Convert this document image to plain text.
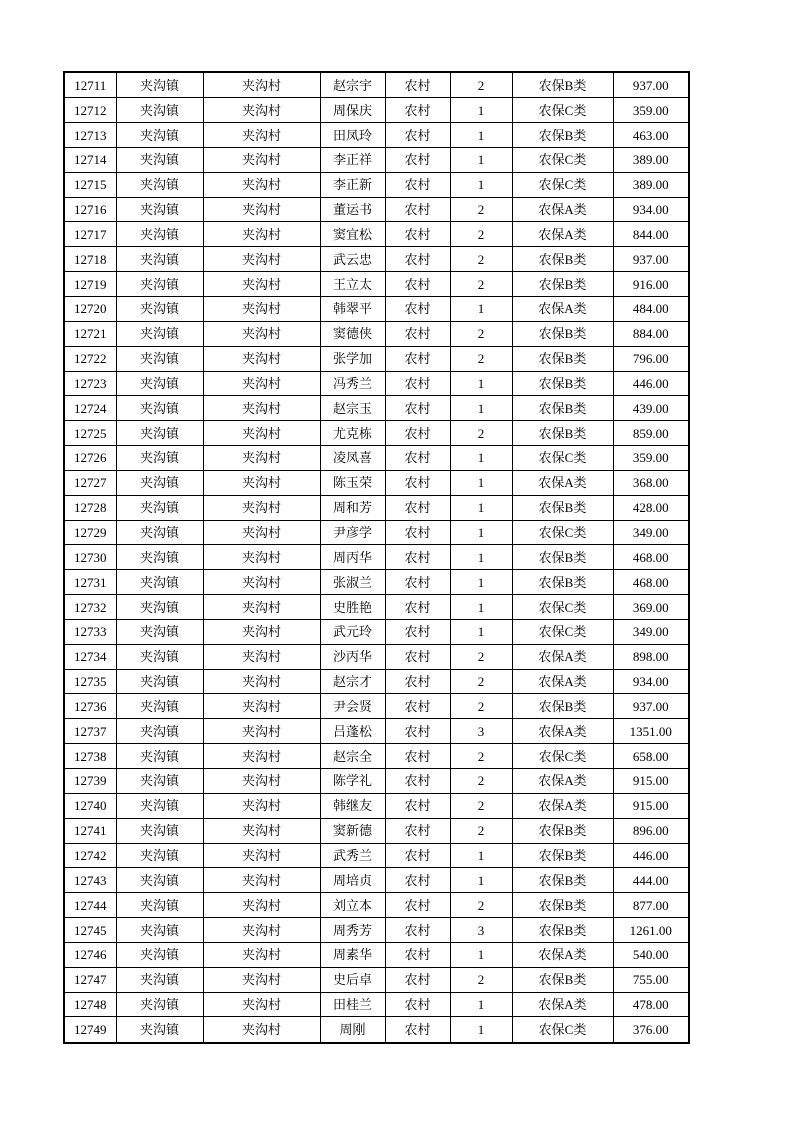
12711	夹沟镇	夹沟村	赵宗宇	农村	2	农保B类	937.00
12712	夹沟镇	夹沟村	周保庆	农村	1	农保C类	359.00
12713	夹沟镇	夹沟村	田凤玲	农村	1	农保B类	463.00
12714	夹沟镇	夹沟村	李正祥	农村	1	农保C类	389.00
12715	夹沟镇	夹沟村	李正新	农村	1	农保C类	389.00
12716	夹沟镇	夹沟村	董运书	农村	2	农保A类	934.00
12717	夹沟镇	夹沟村	窦宜松	农村	2	农保A类	844.00
12718	夹沟镇	夹沟村	武云忠	农村	2	农保B类	937.00
12719	夹沟镇	夹沟村	王立太	农村	2	农保B类	916.00
12720	夹沟镇	夹沟村	韩翠平	农村	1	农保A类	484.00
12721	夹沟镇	夹沟村	窦德侠	农村	2	农保B类	884.00
12722	夹沟镇	夹沟村	张学加	农村	2	农保B类	796.00
12723	夹沟镇	夹沟村	冯秀兰	农村	1	农保B类	446.00
12724	夹沟镇	夹沟村	赵宗玉	农村	1	农保B类	439.00
12725	夹沟镇	夹沟村	尤克栋	农村	2	农保B类	859.00
12726	夹沟镇	夹沟村	凌凤喜	农村	1	农保C类	359.00
12727	夹沟镇	夹沟村	陈玉荣	农村	1	农保A类	368.00
12728	夹沟镇	夹沟村	周和芳	农村	1	农保B类	428.00
12729	夹沟镇	夹沟村	尹彦学	农村	1	农保C类	349.00
12730	夹沟镇	夹沟村	周丙华	农村	1	农保B类	468.00
12731	夹沟镇	夹沟村	张淑兰	农村	1	农保B类	468.00
12732	夹沟镇	夹沟村	史胜艳	农村	1	农保C类	369.00
12733	夹沟镇	夹沟村	武元玲	农村	1	农保C类	349.00
12734	夹沟镇	夹沟村	沙丙华	农村	2	农保A类	898.00
12735	夹沟镇	夹沟村	赵宗才	农村	2	农保A类	934.00
12736	夹沟镇	夹沟村	尹会贤	农村	2	农保B类	937.00
12737	夹沟镇	夹沟村	吕蓬松	农村	3	农保A类	1351.00
12738	夹沟镇	夹沟村	赵宗全	农村	2	农保C类	658.00
12739	夹沟镇	夹沟村	陈学礼	农村	2	农保A类	915.00
12740	夹沟镇	夹沟村	韩继友	农村	2	农保A类	915.00
12741	夹沟镇	夹沟村	窦新德	农村	2	农保B类	896.00
12742	夹沟镇	夹沟村	武秀兰	农村	1	农保B类	446.00
12743	夹沟镇	夹沟村	周培贞	农村	1	农保B类	444.00
12744	夹沟镇	夹沟村	刘立本	农村	2	农保B类	877.00
12745	夹沟镇	夹沟村	周秀芳	农村	3	农保B类	1261.00
12746	夹沟镇	夹沟村	周素华	农村	1	农保A类	540.00
12747	夹沟镇	夹沟村	史后卓	农村	2	农保B类	755.00
12748	夹沟镇	夹沟村	田桂兰	农村	1	农保A类	478.00
12749	夹沟镇	夹沟村	周刚	农村	1	农保C类	376.00
